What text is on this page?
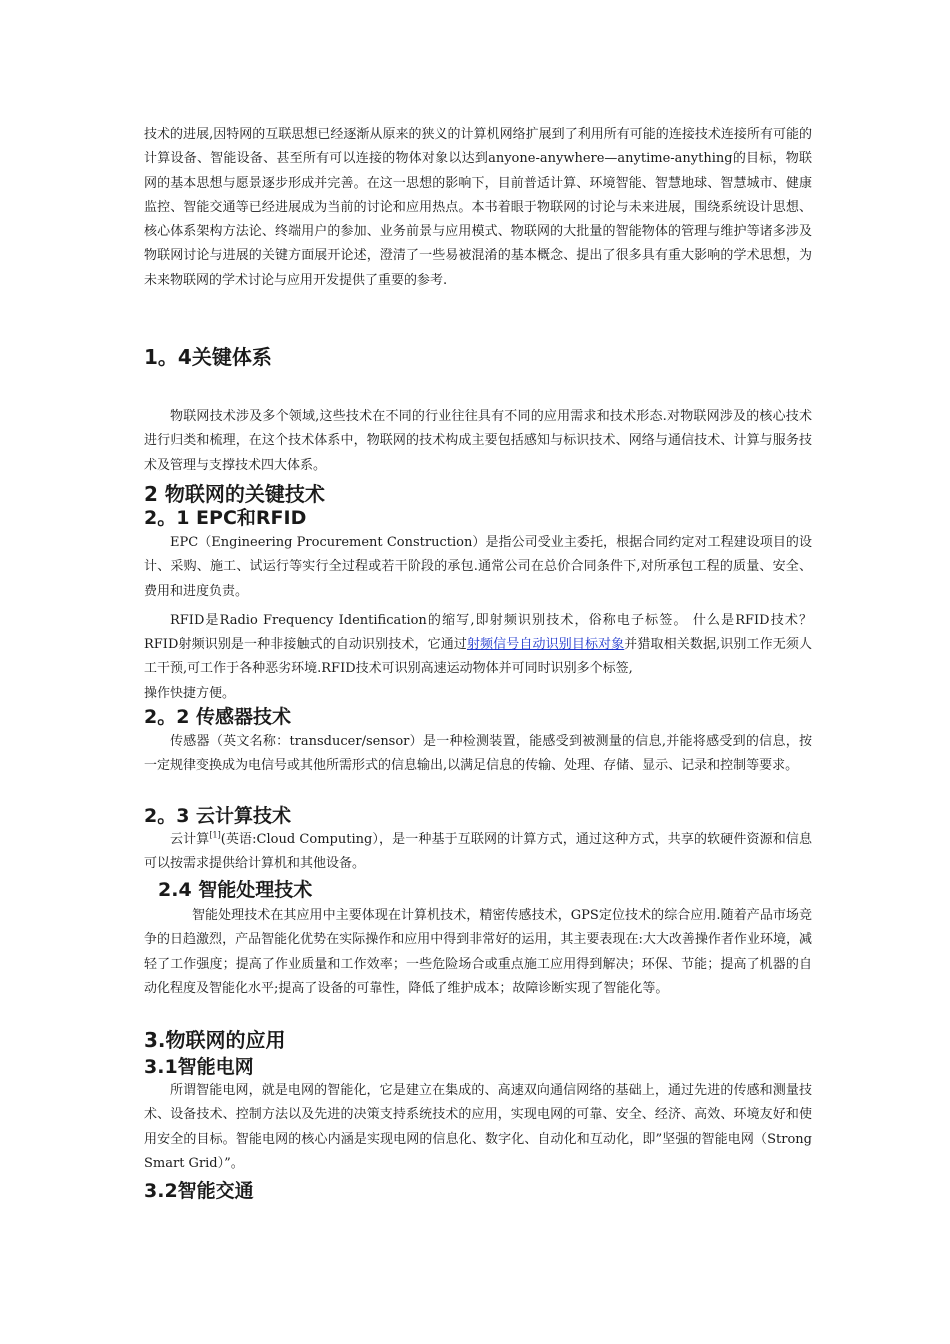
技术的进展,因特网的互联思想已经逐渐从原来的狭义的计算机网络扩展到了利用所有可能的连接技术连接所有可能的计算设备、智能设备、甚至所有可以连接的物体对象以达到anyone-anywhere—anytime-anything的目标，物联网的基本思想与愿景逐步形成并完善。在这一思想的影响下，目前普适计算、环境智能、智慧地球、智慧城市、健康监控、智能交通等已经进展成为当前的讨论和应用热点。本书着眼于物联网的讨论与未来进展，围绕系统设计思想、核心体系架构方法论、终端用户的参加、业务前景与应用模式、物联网的大批量的智能物体的管理与维护等诸多涉及物联网讨论与进展的关键方面展开论述，澄清了一些易被混淆的基本概念、提出了很多具有重大影响的学术思想，为未来物联网的学术讨论与应用开发提供了重要的参考.

1。4关键体系

物联网技术涉及多个领域,这些技术在不同的行业往往具有不同的应用需求和技术形态.对物联网涉及的核心技术进行归类和梳理，在这个技术体系中，物联网的技术构成主要包括感知与标识技术、网络与通信技术、计算与服务技术及管理与支撑技术四大体系。

2 物联网的关键技术
2。1 EPC和RFID

EPC（Engineering Procurement Construction）是指公司受业主委托，根据合同约定对工程建设项目的设计、采购、施工、试运行等实行全过程或若干阶段的承包.通常公司在总价合同条件下,对所承包工程的质量、安全、费用和进度负责。

RFID是Radio Frequency Identification的缩写,即射频识别技术，俗称电子标签。 什么是RFID技术？ RFID射频识别是一种非接触式的自动识别技术，它通过射频信号自动识别目标对象并猎取相关数据,识别工作无须人工干预,可工作于各种恶劣环境.RFID技术可识别高速运动物体并可同时识别多个标签,

操作快捷方便。

2。2 传感器技术

传感器（英文名称：transducer/sensor）是一种检测装置，能感受到被测量的信息,并能将感受到的信息，按一定规律变换成为电信号或其他所需形式的信息输出,以满足信息的传输、处理、存储、显示、记录和控制等要求。

2。3 云计算技术

云计算[1](英语:Cloud Computing），是一种基于互联网的计算方式，通过这种方式，共享的软硬件资源和信息可以按需求提供给计算机和其他设备。

2.4 智能处理技术

智能处理技术在其应用中主要体现在计算机技术，精密传感技术，GPS定位技术的综合应用.随着产品市场竞争的日趋激烈，产品智能化优势在实际操作和应用中得到非常好的运用，其主要表现在:大大改善操作者作业环境，减轻了工作强度；提高了作业质量和工作效率；一些危险场合或重点施工应用得到解决；环保、节能；提高了机器的自动化程度及智能化水平;提高了设备的可靠性，降低了维护成本；故障诊断实现了智能化等。

3.物联网的应用
3.1智能电网

所谓智能电网，就是电网的智能化，它是建立在集成的、高速双向通信网络的基础上，通过先进的传感和测量技术、设备技术、控制方法以及先进的决策支持系统技术的应用，实现电网的可靠、安全、经济、高效、环境友好和使用安全的目标。智能电网的核心内涵是实现电网的信息化、数字化、自动化和互动化，即”坚强的智能电网（Strong Smart Grid）”。

3.2智能交通
